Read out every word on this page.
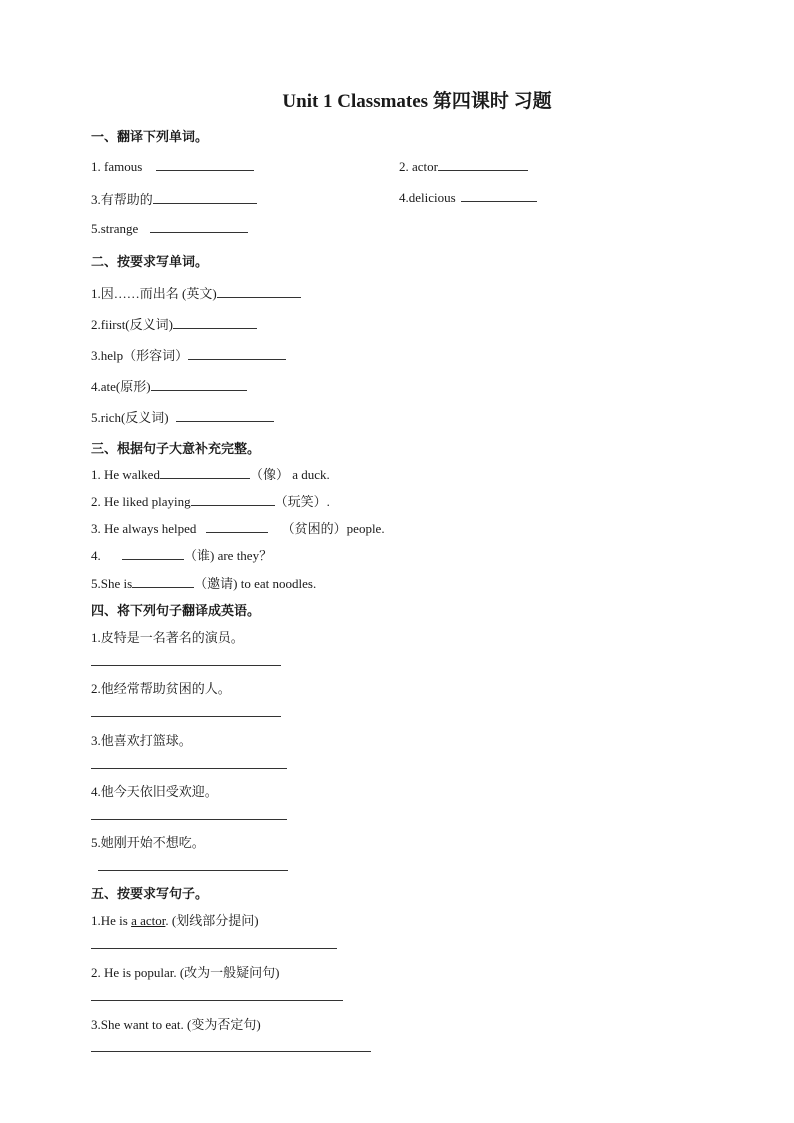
Unit 1 Classmates 第四课时 习题
一、翻译下列单词。
1. famous	2. actor
3.有帮助的	4.delicious
5.strange
二、按要求写单词。
1.因……而出名 (英文)
2.fiirst(反义词)
3.help（形容词）
4.ate(原形)
5.rich(反义词)
三、根据句子大意补充完整。
1. He walked	（像） a duck.
2. He liked playing	（玩笑）.
3. He always helped	（贫困的）people.
4.	（谁) are they？
5.She is	（邀请) to eat noodles.
四、将下列句子翻译成英语。
1.皮特是一名著名的演员。
2.他经常帮助贫困的人。
3.他喜欢打篮球。
4.他今天依旧受欢迎。
5.她刚开始不想吃。
五、按要求写句子。
1.He is a actor. (划线部分提问)
2. He is popular. (改为一般疑问句)
3.She want to eat. (变为否定句)
